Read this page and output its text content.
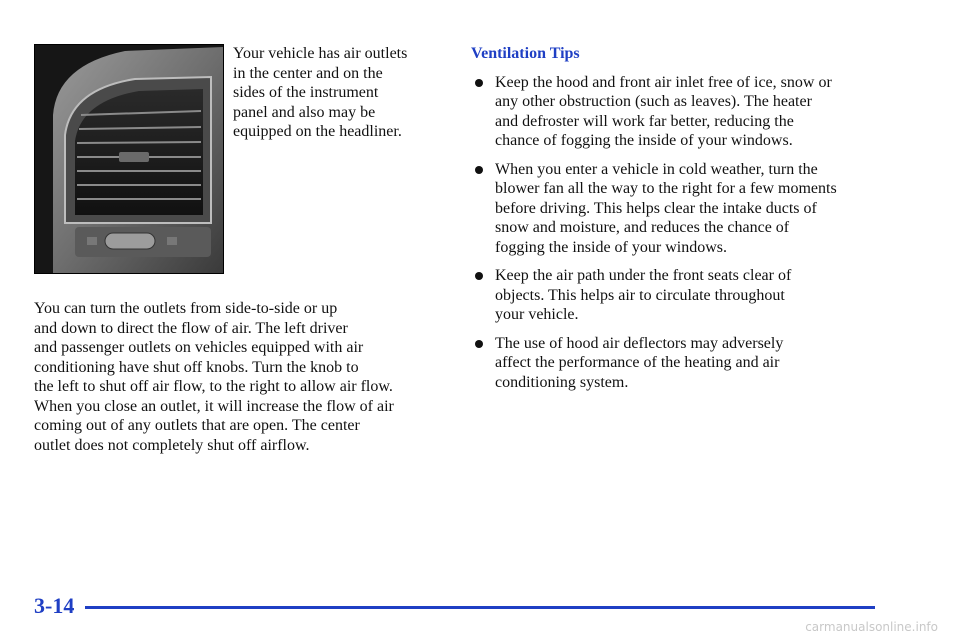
Your vehicle has air outlets
in the center and on the
sides of the instrument
panel and also may be
equipped on the headliner.
You can turn the outlets from side-to-side or up
and down to direct the flow of air. The left driver
and passenger outlets on vehicles equipped with air
conditioning have shut off knobs. Turn the knob to
the left to shut off air flow, to the right to allow air flow.
When you close an outlet, it will increase the flow of air
coming out of any outlets that are open. The center
outlet does not completely shut off airflow.
Ventilation Tips
Keep the hood and front air inlet free of ice, snow or
any other obstruction (such as leaves). The heater
and defroster will work far better, reducing the
chance of fogging the inside of your windows.
When you enter a vehicle in cold weather, turn the
blower fan all the way to the right for a few moments
before driving. This helps clear the intake ducts of
snow and moisture, and reduces the chance of
fogging the inside of your windows.
Keep the air path under the front seats clear of
objects. This helps air to circulate throughout
your vehicle.
The use of hood air deflectors may adversely
affect the performance of the heating and air
conditioning system.
3-14
carmanualsonline.info
